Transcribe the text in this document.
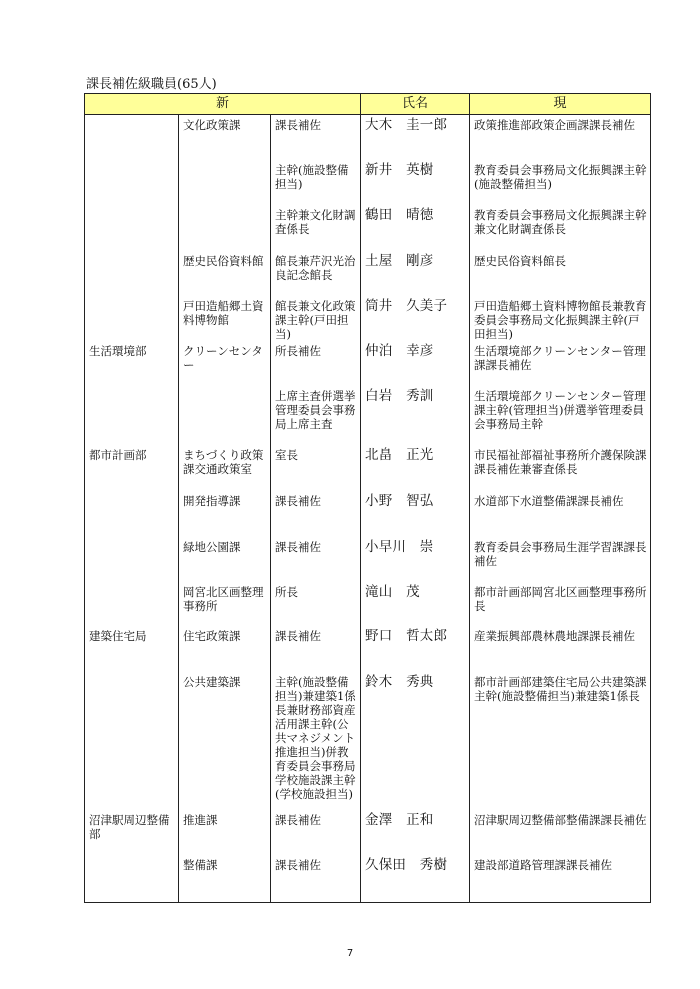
課長補佐級職員(65人)
新			氏名	現
	文化政策課	課長補佐	大木　圭一郎	政策推進部政策企画課課長補佐
		主幹(施設整備担当)	新井　英樹	教育委員会事務局文化振興課主幹(施設整備担当)
		主幹兼文化財調査係長	鶴田　晴徳	教育委員会事務局文化振興課主幹兼文化財調査係長
	歴史民俗資料館	館長兼芹沢光治良記念館長	土屋　剛彦	歴史民俗資料館長
	戸田造船郷土資料博物館	館長兼文化政策課主幹(戸田担当)	筒井　久美子	戸田造船郷土資料博物館長兼教育委員会事務局文化振興課主幹(戸田担当)
生活環境部	クリーンセンター	所長補佐	仲泊　幸彦	生活環境部クリーンセンター管理課課長補佐
		上席主査併選挙管理委員会事務局上席主査	白岩　秀訓	生活環境部クリーンセンター管理課主幹(管理担当)併選挙管理委員会事務局主幹
都市計画部	まちづくり政策課交通政策室	室長	北畠　正光	市民福祉部福祉事務所介護保険課課長補佐兼審査係長
	開発指導課	課長補佐	小野　智弘	水道部下水道整備課課長補佐
	緑地公園課	課長補佐	小早川　崇	教育委員会事務局生涯学習課課長補佐
	岡宮北区画整理事務所	所長	滝山　茂	都市計画部岡宮北区画整理事務所長
建築住宅局	住宅政策課	課長補佐	野口　哲太郎	産業振興部農林農地課課長補佐
	公共建築課	主幹(施設整備担当)兼建築1係長兼財務部資産活用課主幹(公共マネジメント推進担当)併教育委員会事務局学校施設課主幹(学校施設担当)	鈴木　秀典	都市計画部建築住宅局公共建築課主幹(施設整備担当)兼建築1係長
沼津駅周辺整備部	推進課	課長補佐	金澤　正和	沼津駅周辺整備部整備課課長補佐
	整備課	課長補佐	久保田　秀樹	建設部道路管理課課長補佐
7
